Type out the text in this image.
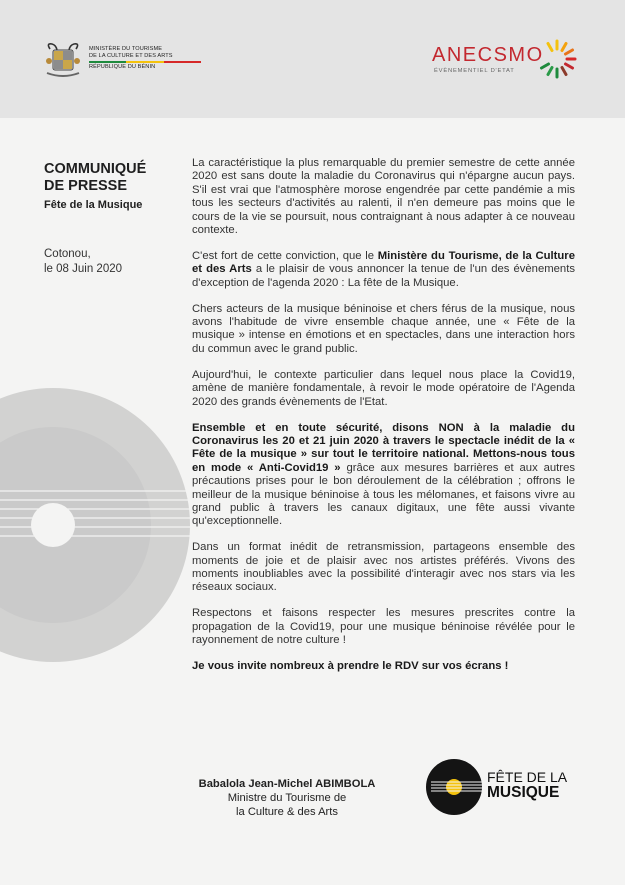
MINISTÈRE DU TOURISME
DE LA CULTURE ET DES ARTS
RÉPUBLIQUE DU BÉNIN
ANECSMO
ÉVÈNEMENTIEL D'ETAT
COMMUNIQUÉ
DE PRESSE
Fête de la Musique
Cotonou,
le 08 Juin 2020

La caractéristique la plus remarquable du premier semestre de cette année 2020 est sans doute la maladie du Coronavirus qui n'épargne aucun pays. S'il est vrai que l'atmosphère morose engendrée par cette pandémie a mis tous les secteurs d'activités au ralenti, il n'en demeure pas moins que le cours de la vie se poursuit, nous contraignant à nous adapter à ce nouveau contexte.

C'est fort de cette conviction, que le Ministère du Tourisme, de la Culture et des Arts a le plaisir de vous annoncer la tenue de l'un des évènements d'exception de l'agenda 2020 : La fête de la Musique.

Chers acteurs de la musique béninoise et chers férus de la musique, nous avons l'habitude de vivre ensemble chaque année, une « Fête de la musique » intense en émotions et en spectacles, dans une interaction hors du commun avec le grand public.

Aujourd'hui, le contexte particulier dans lequel nous place la Covid19, amène de manière fondamentale, à revoir le mode opératoire de l'Agenda 2020 des grands évènements de l'Etat.

Ensemble et en toute sécurité, disons NON à la maladie du Coronavirus les 20 et 21 juin 2020 à travers le spectacle inédit de la « Fête de la musique » sur tout le territoire national. Mettons-nous tous en mode « Anti-Covid19 » grâce aux mesures barrières et aux autres précautions prises pour le bon déroulement de la célébration ; offrons le meilleur de la musique béninoise à tous les mélomanes, et faisons vivre au grand public à travers les canaux digitaux, une fête aussi vivante qu'exceptionnelle.

Dans un format inédit de retransmission, partageons ensemble des moments de joie et de plaisir avec nos artistes préférés. Vivons des moments inoubliables avec la possibilité d'interagir avec nos stars via les réseaux sociaux.

Respectons et faisons respecter les mesures prescrites contre la propagation de la Covid19, pour une musique béninoise révélée pour le rayonnement de notre culture !

Je vous invite nombreux à prendre le RDV sur vos écrans !

Babalola Jean-Michel ABIMBOLA
Ministre du Tourisme de
la Culture & des Arts
FÊTE DE LA
MUSIQUE
